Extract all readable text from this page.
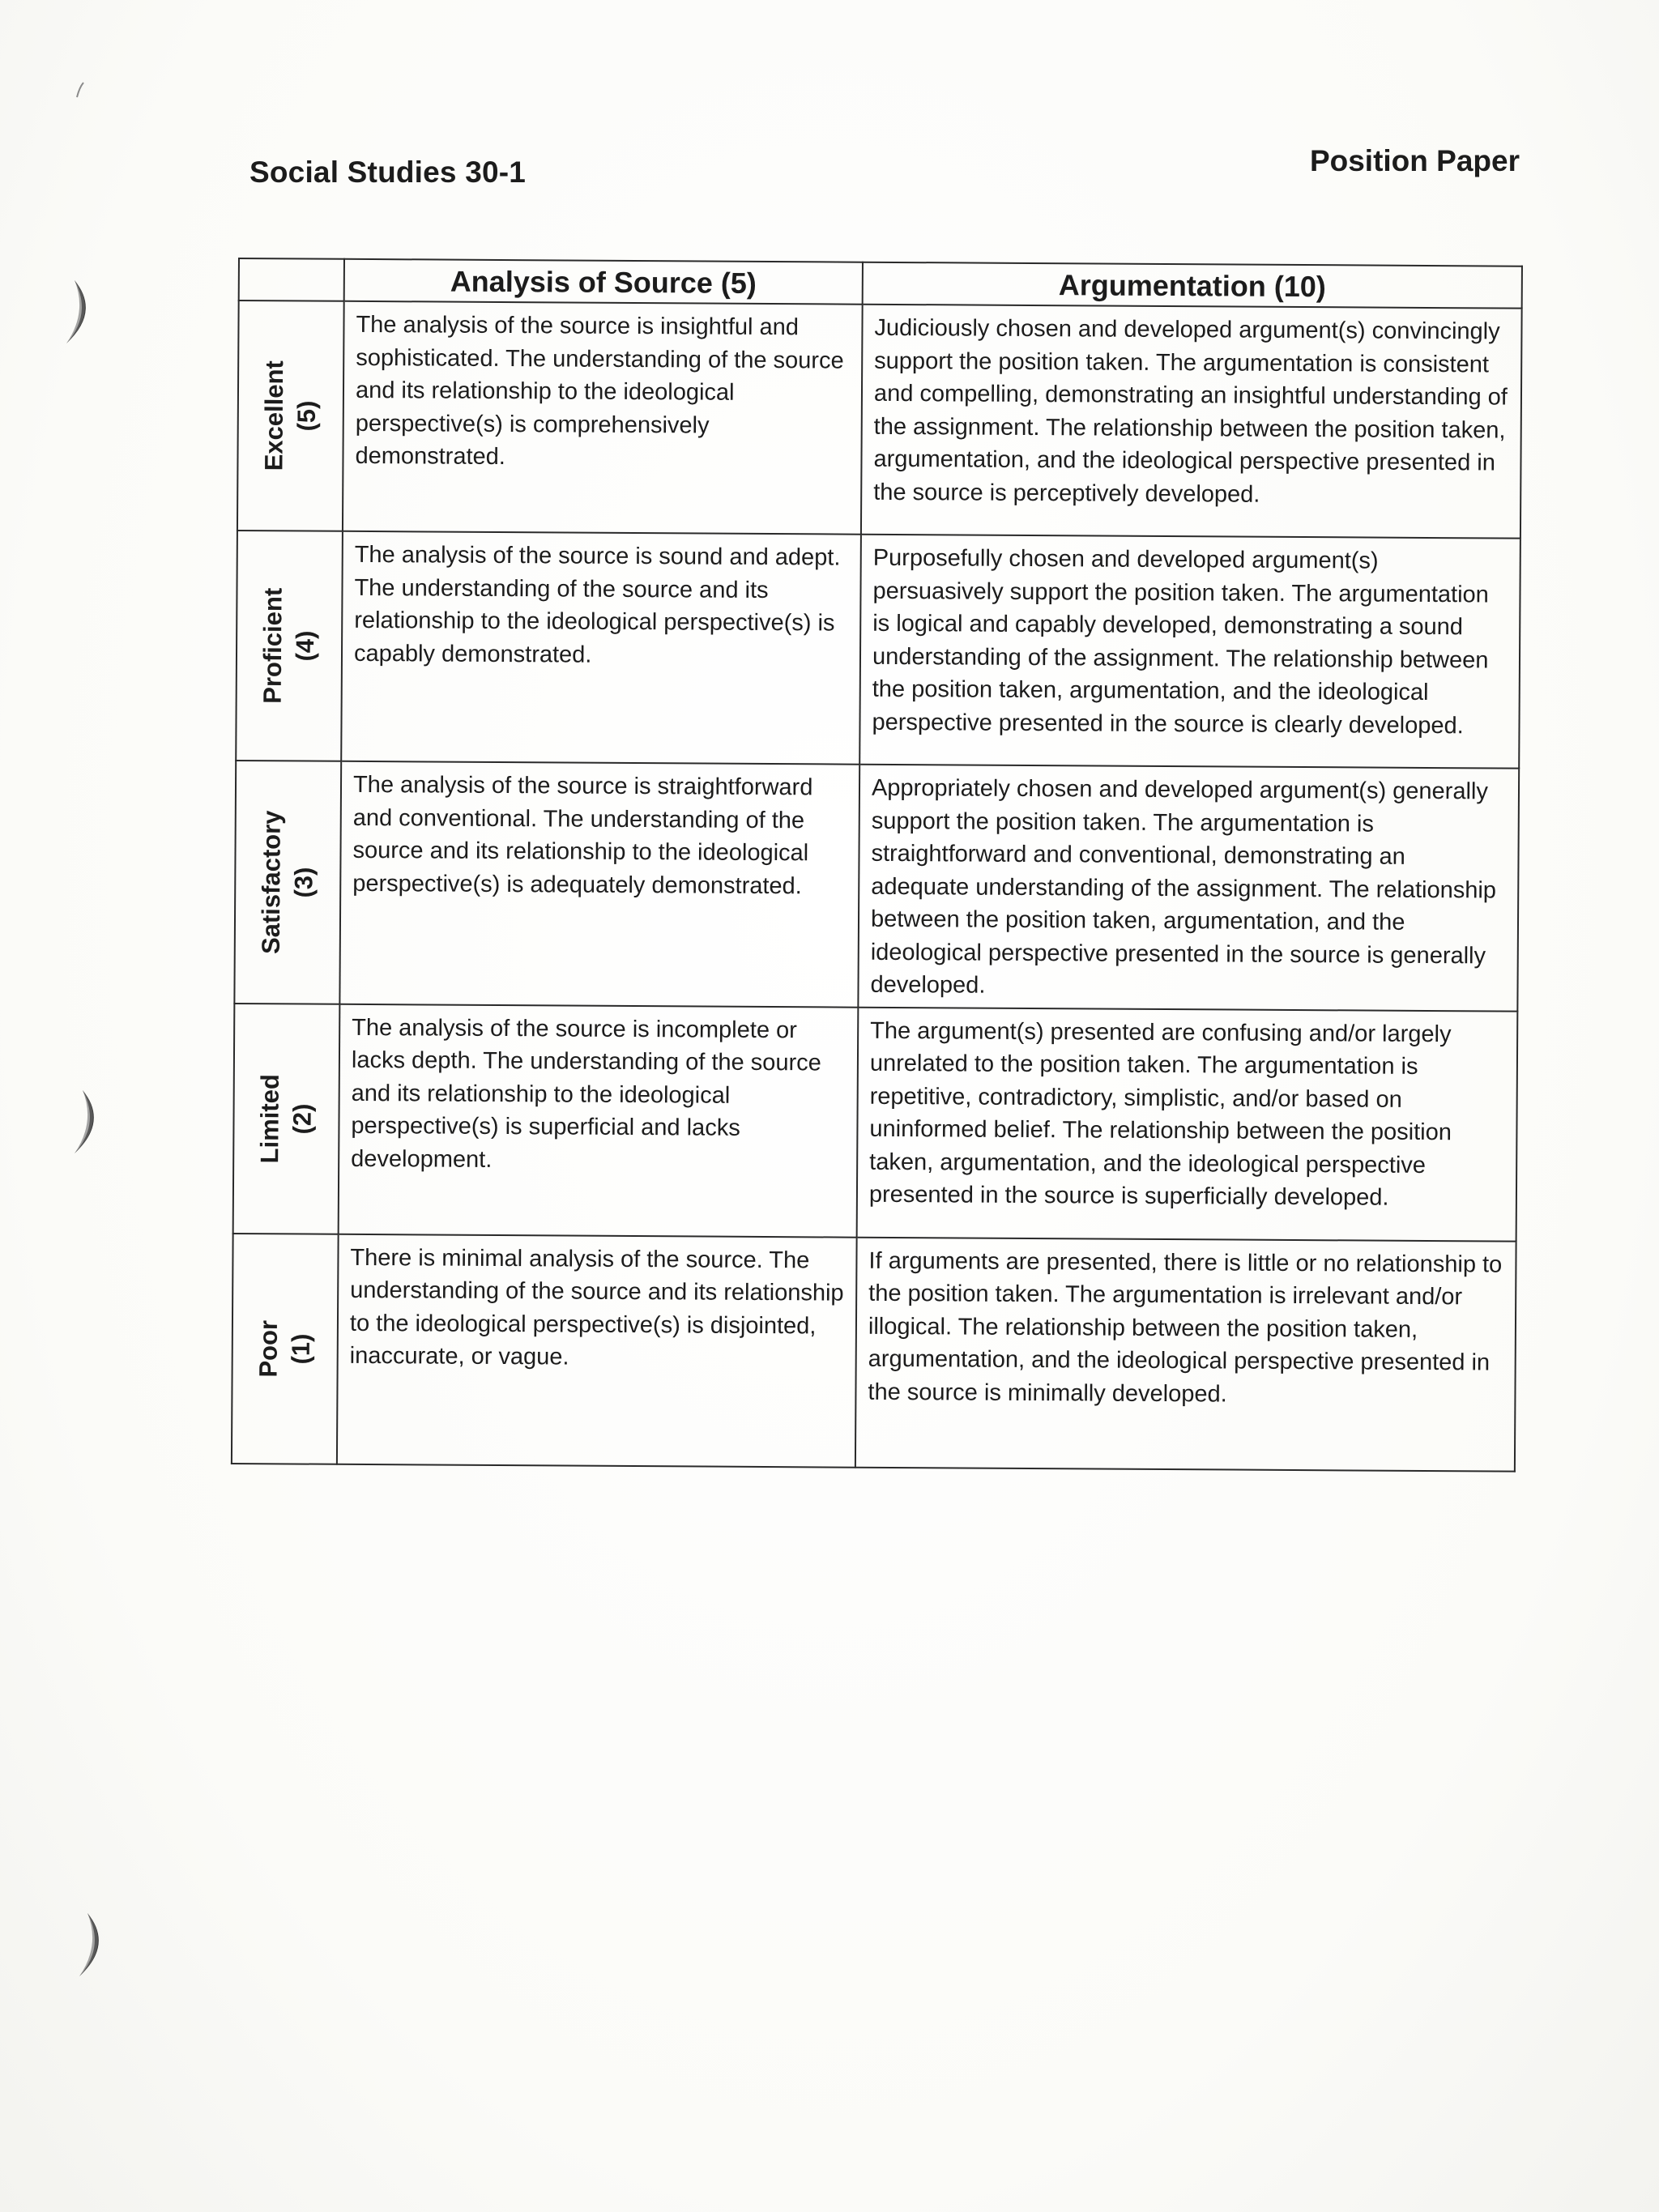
Social Studies 30-1	Position Paper
	Analysis of Source (5)	Argumentation (10)

Excellent (5)	The analysis of the source is insightful and sophisticated. The understanding of the source and its relationship to the ideological perspective(s) is comprehensively demonstrated.	Judiciously chosen and developed argument(s) convincingly support the position taken. The argumentation is consistent and compelling, demonstrating an insightful understanding of the assignment. The relationship between the position taken, argumentation, and the ideological perspective presented in the source is perceptively developed.

Proficient (4)	The analysis of the source is sound and adept. The understanding of the source and its relationship to the ideological perspective(s) is capably demonstrated.	Purposefully chosen and developed argument(s) persuasively support the position taken. The argumentation is logical and capably developed, demonstrating a sound understanding of the assignment. The relationship between the position taken, argumentation, and the ideological perspective presented in the source is clearly developed.

Satisfactory (3)	The analysis of the source is straightforward and conventional. The understanding of the source and its relationship to the ideological perspective(s) is adequately demonstrated.	Appropriately chosen and developed argument(s) generally support the position taken. The argumentation is straightforward and conventional, demonstrating an adequate understanding of the assignment. The relationship between the position taken, argumentation, and the ideological perspective presented in the source is generally developed.

Limited (2)	The analysis of the source is incomplete or lacks depth. The understanding of the source and its relationship to the ideological perspective(s) is superficial and lacks development.	The argument(s) presented are confusing and/or largely unrelated to the position taken. The argumentation is repetitive, contradictory, simplistic, and/or based on uninformed belief. The relationship between the position taken, argumentation, and the ideological perspective presented in the source is superficially developed.

Poor (1)	There is minimal analysis of the source. The understanding of the source and its relationship to the ideological perspective(s) is disjointed, inaccurate, or vague.	If arguments are presented, there is little or no relationship to the position taken. The argumentation is irrelevant and/or illogical. The relationship between the position taken, argumentation, and the ideological perspective presented in the source is minimally developed.
